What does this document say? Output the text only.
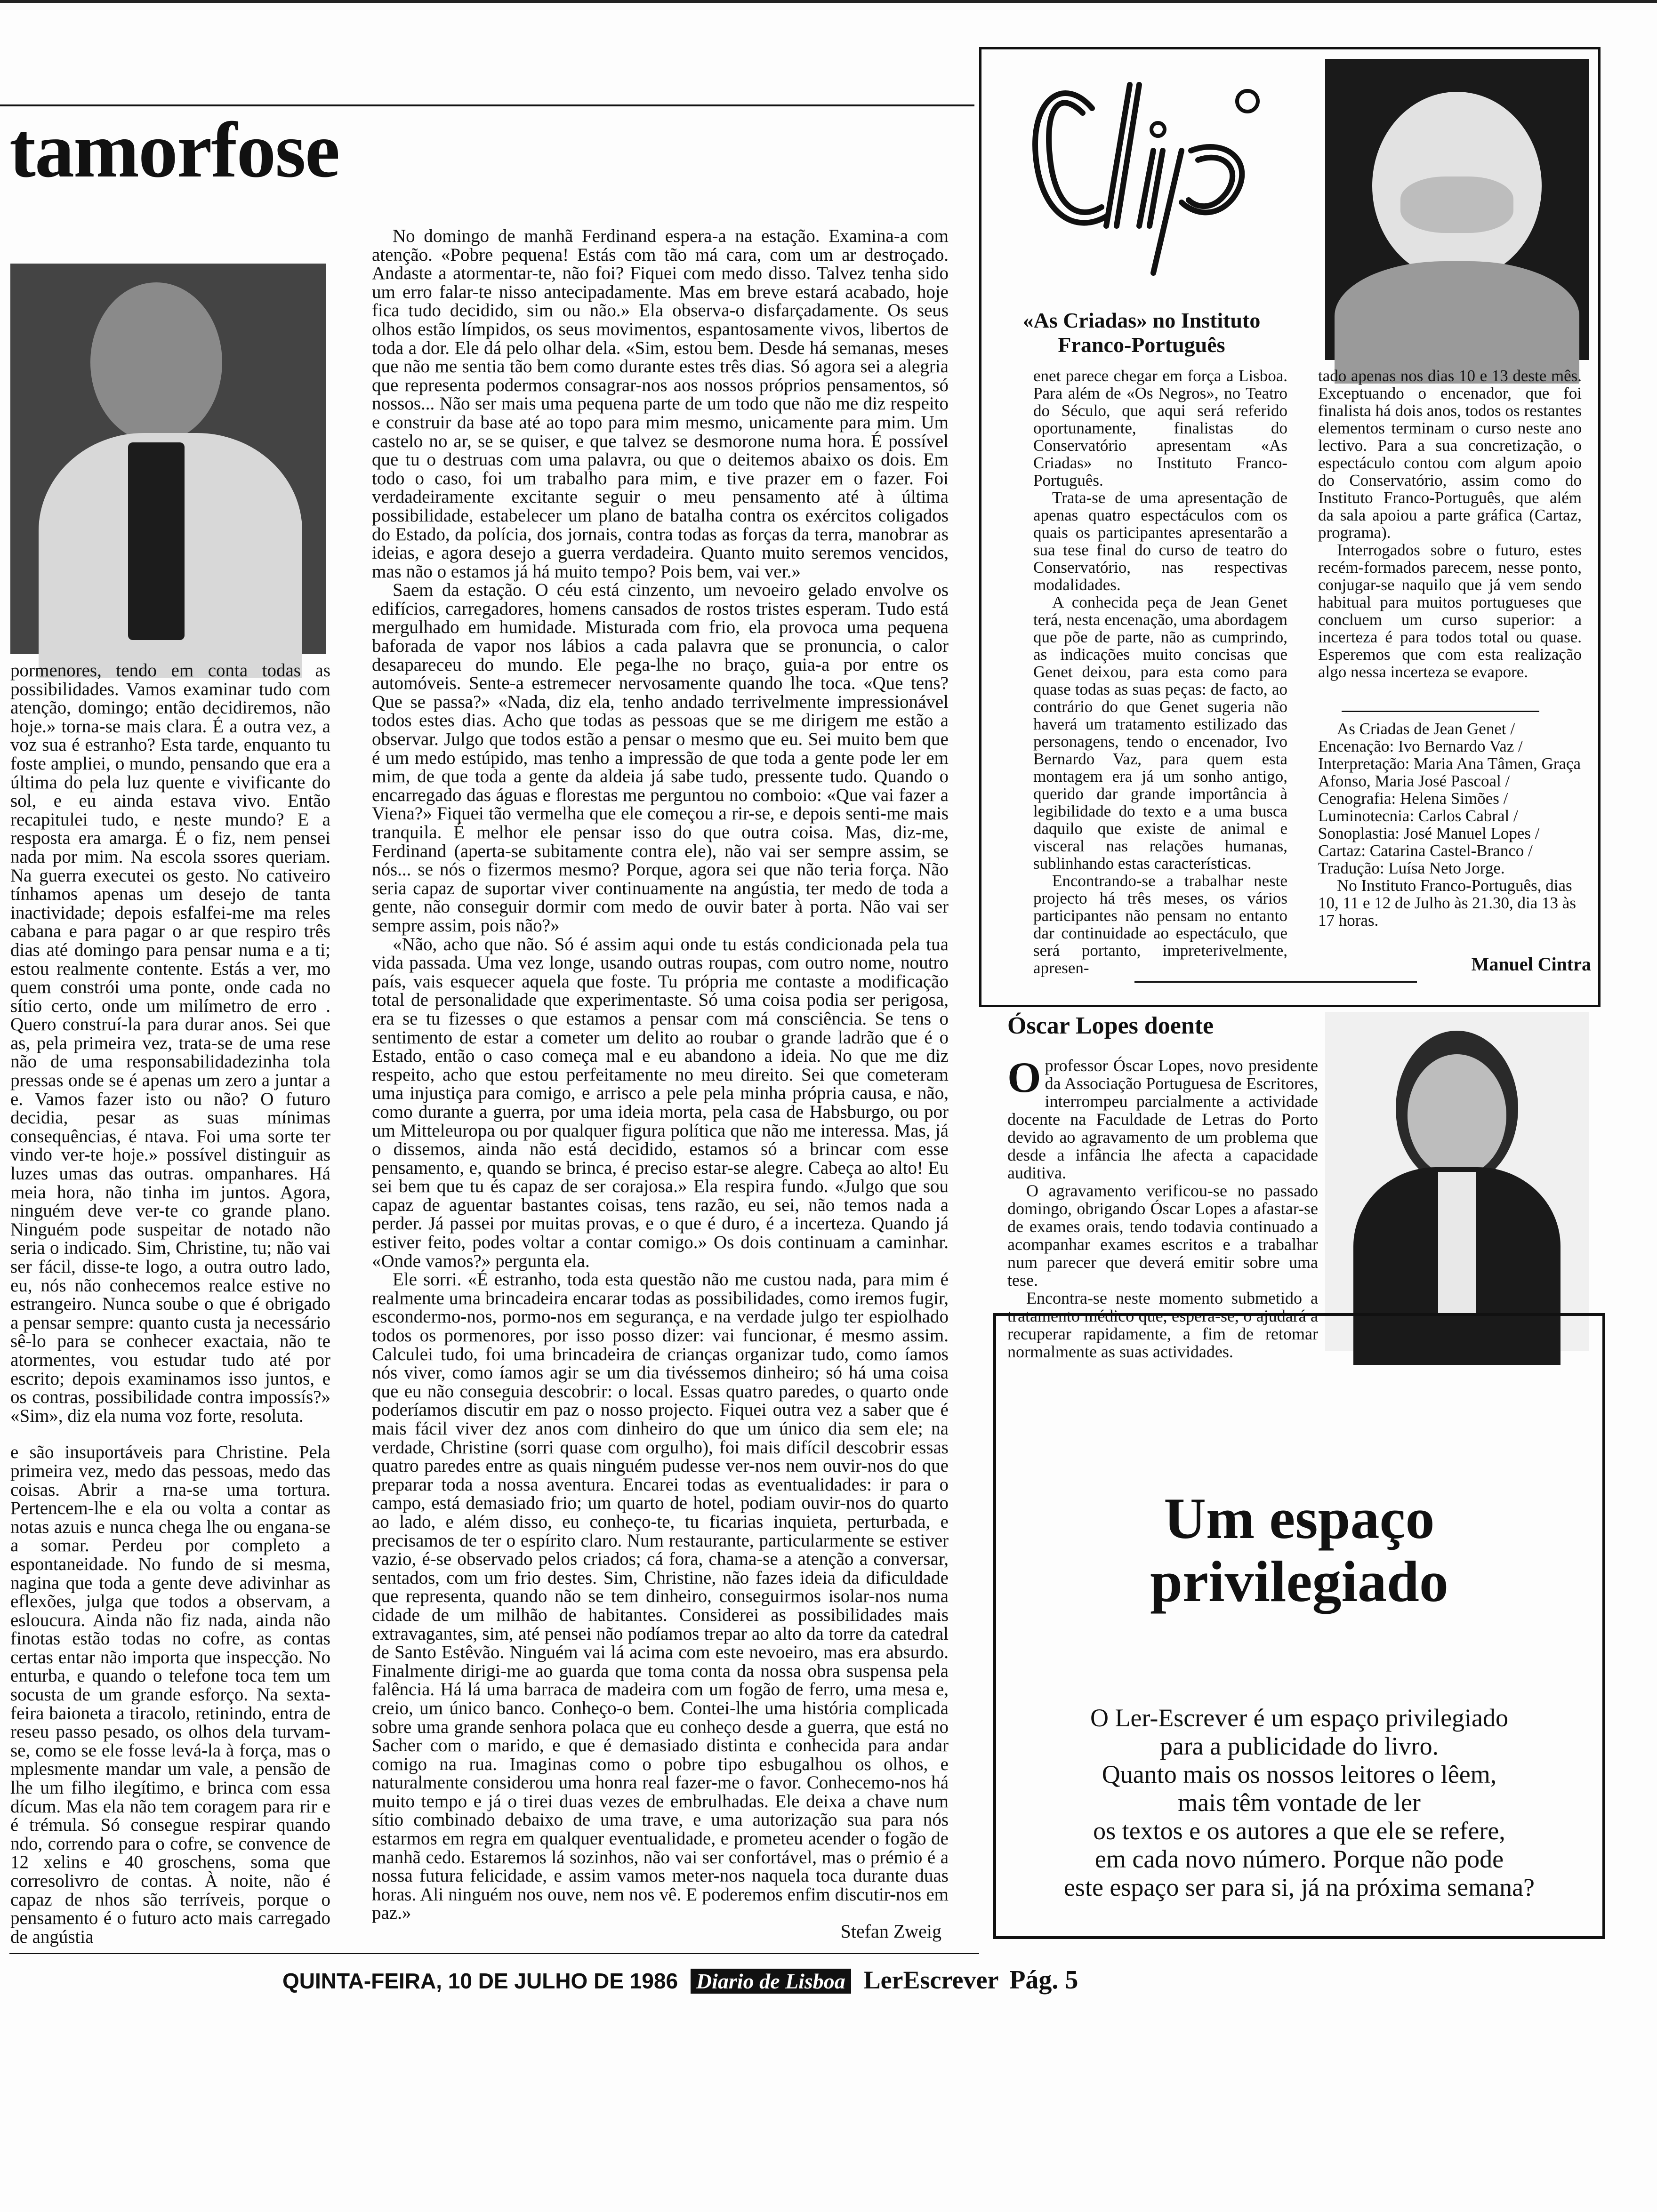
tamorfose

pormenores, tendo em conta todas as possibilidades. Vamos examinar tudo com atenção, domingo; então decidiremos, não hoje.» torna-se mais clara. É a outra vez, a voz sua é estranho? Esta tarde, enquanto tu foste ampliei, o mundo, pensando que era a última do pela luz quente e vivificante do sol, e eu ainda estava vivo. Então recapitulei tudo, e neste mundo? E a resposta era amarga. É o fiz, nem pensei nada por mim. Na escola ssores queriam. Na guerra executei os gesto. No cativeiro tínhamos apenas um desejo de tanta inactividade; depois esfalfei-me ma reles cabana e para pagar o ar que respiro três dias até domingo para pensar numa e a ti; estou realmente contente. Estás a ver, mo quem constrói uma ponte, onde cada no sítio certo, onde um milímetro de erro . Quero construí-la para durar anos. Sei que as, pela primeira vez, trata-se de uma rese não de uma responsabilidadezinha tola pressas onde se é apenas um zero a juntar a e. Vamos fazer isto ou não? O futuro decidia, pesar as suas mínimas consequências, é ntava. Foi uma sorte ter vindo ver-te hoje.» possível distinguir as luzes umas das outras. ompanhares. Há meia hora, não tinha im juntos. Agora, ninguém deve ver-te co grande plano. Ninguém pode suspeitar de notado não seria o indicado. Sim, Christine, tu; não vai ser fácil, disse-te logo, a outra outro lado, eu, nós não conhecemos realce estive no estrangeiro. Nunca soube o que é obrigado a pensar sempre: quanto custa ja necessário sê-lo para se conhecer exactaia, não te atormentes, vou estudar tudo até por escrito; depois examinamos isso juntos, e os contras, possibilidade contra impossís?» «Sim», diz ela numa voz forte, resoluta.

e são insuportáveis para Christine. Pela primeira vez, medo das pessoas, medo das coisas. Abrir a rna-se uma tortura. Pertencem-lhe e ela ou volta a contar as notas azuis e nunca chega lhe ou engana-se a somar. Perdeu por completo a espontaneidade. No fundo de si mesma, nagina que toda a gente deve adivinhar as eflexões, julga que todos a observam, a esloucura. Ainda não fiz nada, ainda não finotas estão todas no cofre, as contas certas entar não importa que inspecção. No enturba, e quando o telefone toca tem um socusta de um grande esforço. Na sexta-feira baioneta a tiracolo, retinindo, entra de reseu passo pesado, os olhos dela turvam-se, como se ele fosse levá-la à força, mas o mplesmente mandar um vale, a pensão de lhe um filho ilegítimo, e brinca com essa dícum. Mas ela não tem coragem para rir e é trémula. Só consegue respirar quando ndo, correndo para o cofre, se convence de 12 xelins e 40 groschens, soma que corresolivro de contas. À noite, não é capaz de nhos são terríveis, porque o pensamento é o futuro acto mais carregado de angústia

No domingo de manhã Ferdinand espera-a na estação. Examina-a com atenção. «Pobre pequena! Estás com tão má cara, com um ar destroçado. Andaste a atormentar-te, não foi? Fiquei com medo disso. Talvez tenha sido um erro falar-te nisso antecipadamente. Mas em breve estará acabado, hoje fica tudo decidido, sim ou não.» Ela observa-o disfarçadamente. Os seus olhos estão límpidos, os seus movimentos, espantosamente vivos, libertos de toda a dor. Ele dá pelo olhar dela. «Sim, estou bem. Desde há semanas, meses que não me sentia tão bem como durante estes três dias. Só agora sei a alegria que representa podermos consagrar-nos aos nossos próprios pensamentos, só nossos... Não ser mais uma pequena parte de um todo que não me diz respeito e construir da base até ao topo para mim mesmo, unicamente para mim. Um castelo no ar, se se quiser, e que talvez se desmorone numa hora. É possível que tu o destruas com uma palavra, ou que o deitemos abaixo os dois. Em todo o caso, foi um trabalho para mim, e tive prazer em o fazer. Foi verdadeiramente excitante seguir o meu pensamento até à última possibilidade, estabelecer um plano de batalha contra os exércitos coligados do Estado, da polícia, dos jornais, contra todas as forças da terra, manobrar as ideias, e agora desejo a guerra verdadeira. Quanto muito seremos vencidos, mas não o estamos já há muito tempo? Pois bem, vai ver.»

Saem da estação. O céu está cinzento, um nevoeiro gelado envolve os edifícios, carregadores, homens cansados de rostos tristes esperam. Tudo está mergulhado em humidade. Misturada com frio, ela provoca uma pequena baforada de vapor nos lábios a cada palavra que se pronuncia, o calor desapareceu do mundo. Ele pega-lhe no braço, guia-a por entre os automóveis. Sente-a estremecer nervosamente quando lhe toca. «Que tens? Que se passa?» «Nada, diz ela, tenho andado terrivelmente impressionável todos estes dias. Acho que todas as pessoas que se me dirigem me estão a observar. Julgo que todos estão a pensar o mesmo que eu. Sei muito bem que é um medo estúpido, mas tenho a impressão de que toda a gente pode ler em mim, de que toda a gente da aldeia já sabe tudo, pressente tudo. Quando o encarregado das águas e florestas me perguntou no comboio: «Que vai fazer a Viena?» Fiquei tão vermelha que ele começou a rir-se, e depois senti-me mais tranquila. É melhor ele pensar isso do que outra coisa. Mas, diz-me, Ferdinand (aperta-se subitamente contra ele), não vai ser sempre assim, se nós... se nós o fizermos mesmo? Porque, agora sei que não teria força. Não seria capaz de suportar viver continuamente na angústia, ter medo de toda a gente, não conseguir dormir com medo de ouvir bater à porta. Não vai ser sempre assim, pois não?»

«Não, acho que não. Só é assim aqui onde tu estás condicionada pela tua vida passada. Uma vez longe, usando outras roupas, com outro nome, noutro país, vais esquecer aquela que foste. Tu própria me contaste a modificação total de personalidade que experimentaste. Só uma coisa podia ser perigosa, era se tu fizesses o que estamos a pensar com má consciência. Se tens o sentimento de estar a cometer um delito ao roubar o grande ladrão que é o Estado, então o caso começa mal e eu abandono a ideia. No que me diz respeito, acho que estou perfeitamente no meu direito. Sei que cometeram uma injustiça para comigo, e arrisco a pele pela minha própria causa, e não, como durante a guerra, por uma ideia morta, pela casa de Habsburgo, ou por um Mitteleuropa ou por qualquer figura política que não me interessa. Mas, já o dissemos, ainda não está decidido, estamos só a brincar com esse pensamento, e, quando se brinca, é preciso estar-se alegre. Cabeça ao alto! Eu sei bem que tu és capaz de ser corajosa.» Ela respira fundo. «Julgo que sou capaz de aguentar bastantes coisas, tens razão, eu sei, não temos nada a perder. Já passei por muitas provas, e o que é duro, é a incerteza. Quando já estiver feito, podes voltar a contar comigo.» Os dois continuam a caminhar. «Onde vamos?» pergunta ela.

Ele sorri. «É estranho, toda esta questão não me custou nada, para mim é realmente uma brincadeira encarar todas as possibilidades, como iremos fugir, escondermo-nos, pormo-nos em segurança, e na verdade julgo ter espiolhado todos os pormenores, por isso posso dizer: vai funcionar, é mesmo assim. Calculei tudo, foi uma brincadeira de crianças organizar tudo, como íamos nós viver, como íamos agir se um dia tivéssemos dinheiro; só há uma coisa que eu não conseguia descobrir: o local. Essas quatro paredes, o quarto onde poderíamos discutir em paz o nosso projecto. Fiquei outra vez a saber que é mais fácil viver dez anos com dinheiro do que um único dia sem ele; na verdade, Christine (sorri quase com orgulho), foi mais difícil descobrir essas quatro paredes entre as quais ninguém pudesse ver-nos nem ouvir-nos do que preparar toda a nossa aventura. Encarei todas as eventualidades: ir para o campo, está demasiado frio; um quarto de hotel, podiam ouvir-nos do quarto ao lado, e além disso, eu conheço-te, tu ficarias inquieta, perturbada, e precisamos de ter o espírito claro. Num restaurante, particularmente se estiver vazio, é-se observado pelos criados; cá fora, chama-se a atenção a conversar, sentados, com um frio destes. Sim, Christine, não fazes ideia da dificuldade que representa, quando não se tem dinheiro, conseguirmos isolar-nos numa cidade de um milhão de habitantes. Considerei as possibilidades mais extravagantes, sim, até pensei não podíamos trepar ao alto da torre da catedral de Santo Estêvão. Ninguém vai lá acima com este nevoeiro, mas era absurdo. Finalmente dirigi-me ao guarda que toma conta da nossa obra suspensa pela falência. Há lá uma barraca de madeira com um fogão de ferro, uma mesa e, creio, um único banco. Conheço-o bem. Contei-lhe uma história complicada sobre uma grande senhora polaca que eu conheço desde a guerra, que está no Sacher com o marido, e que é demasiado distinta e conhecida para andar comigo na rua. Imaginas como o pobre tipo esbugalhou os olhos, e naturalmente considerou uma honra real fazer-me o favor. Conhecemo-nos há muito tempo e já o tirei duas vezes de embrulhadas. Ele deixa a chave num sítio combinado debaixo de uma trave, e uma autorização sua para nós estarmos em regra em qualquer eventualidade, e prometeu acender o fogão de manhã cedo. Estaremos lá sozinhos, não vai ser confortável, mas o prémio é a nossa futura felicidade, e assim vamos meter-nos naquela toca durante duas horas. Ali ninguém nos ouve, nem nos vê. E poderemos enfim discutir-nos em paz.»

Stefan Zweig
QUINTA-FEIRA, 10 DE JULHO DE 1986 Diario de Lisboa LerEscrever Pág. 5
Clip
«As Criadas» no Instituto Franco-Português

enet parece chegar em força a Lisboa. Para além de «Os Negros», no Teatro do Século, que aqui será referido oportunamente, finalistas do Conservatório apresentam «As Criadas» no Instituto Franco-Português.

Trata-se de uma apresentação de apenas quatro espectáculos com os quais os participantes apresentarão a sua tese final do curso de teatro do Conservatório, nas respectivas modalidades.

A conhecida peça de Jean Genet terá, nesta encenação, uma abordagem que põe de parte, não as cumprindo, as indicações muito concisas que Genet deixou, para esta como para quase todas as suas peças: de facto, ao contrário do que Genet sugeria não haverá um tratamento estilizado das personagens, tendo o encenador, Ivo Bernardo Vaz, para quem esta montagem era já um sonho antigo, querido dar grande importância à legibilidade do texto e a uma busca daquilo que existe de animal e visceral nas relações humanas, sublinhando estas características.

Encontrando-se a trabalhar neste projecto há três meses, os vários participantes não pensam no entanto dar continuidade ao espectáculo, que será portanto, impreterivelmente, apresen-

tado apenas nos dias 10 e 13 deste mês. Exceptuando o encenador, que foi finalista há dois anos, todos os restantes elementos terminam o curso neste ano lectivo. Para a sua concretização, o espectáculo contou com algum apoio do Conservatório, assim como do Instituto Franco-Português, que além da sala apoiou a parte gráfica (Cartaz, programa).

Interrogados sobre o futuro, estes recém-formados parecem, nesse ponto, conjugar-se naquilo que já vem sendo habitual para muitos portugueses que concluem um curso superior: a incerteza é para todos total ou quase. Esperemos que com esta realização algo nessa incerteza se evapore.

As Criadas de Jean Genet / Encenação: Ivo Bernardo Vaz / Interpretação: Maria Ana Tâmen, Graça Afonso, Maria José Pascoal / Cenografia: Helena Simões / Luminotecnia: Carlos Cabral / Sonoplastia: José Manuel Lopes / Cartaz: Catarina Castel-Branco / Tradução: Luísa Neto Jorge.

No Instituto Franco-Português, dias 10, 11 e 12 de Julho às 21.30, dia 13 às 17 horas.

Manuel Cintra
Óscar Lopes doente

Oprofessor Óscar Lopes, novo presidente da Associação Portuguesa de Escritores, interrompeu parcialmente a actividade docente na Faculdade de Letras do Porto devido ao agravamento de um problema que desde a infância lhe afecta a capacidade auditiva.

O agravamento verificou-se no passado domingo, obrigando Óscar Lopes a afastar-se de exames orais, tendo todavia continuado a acompanhar exames escritos e a trabalhar num parecer que deverá emitir sobre uma tese.

Encontra-se neste momento submetido a tratamento médico que, espera-se, o ajudará a recuperar rapidamente, a fim de retomar normalmente as suas actividades.

Um espaço
privilegiado
O Ler-Escrever é um espaço privilegiado
para a publicidade do livro.
Quanto mais os nossos leitores o lêem,
mais têm vontade de ler
os textos e os autores a que ele se refere,
em cada novo número. Porque não pode
este espaço ser para si, já na próxima semana?
